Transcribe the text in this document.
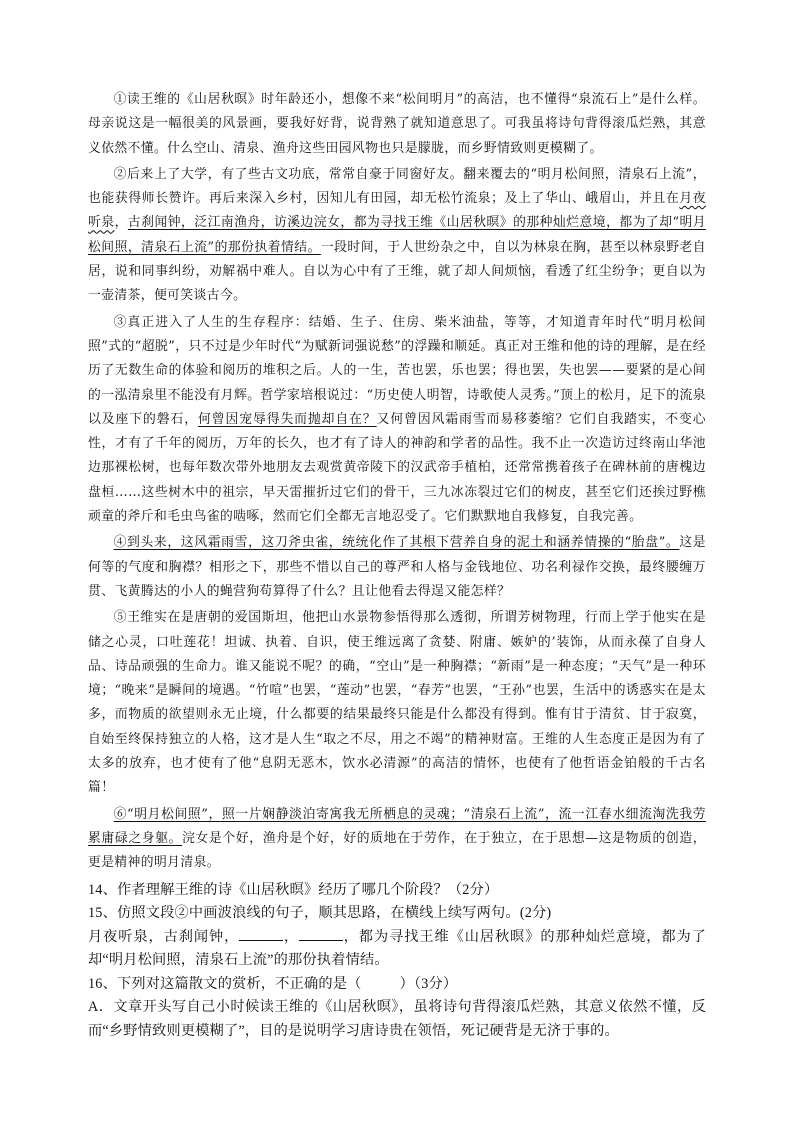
①读王维的《山居秋暝》时年龄还小，想像不来“松间明月”的高洁，也不懂得“泉流石上”是什么样。母亲说这是一幅很美的风景画，要我好好背，说背熟了就知道意思了。可我虽将诗句背得滚瓜烂熟，其意义依然不懂。什么空山、清泉、渔舟这些田园风物也只是朦胧，而乡野情致则更模糊了。

②后来上了大学，有了些古文功底，常常自豪于同窗好友。翻来覆去的“明月松间照，清泉石上流”，也能获得师长赞许。再后来深入乡村，因知儿有田园，却无松竹流泉；及上了华山、峨眉山，并且在月夜听泉，古刹闻钟，泛江南渔舟，访溪边浣女，都为寻找王维《山居秋暝》的那种灿烂意境，都为了却“明月松间照，清泉石上流”的那份执着情结。一段时间，于人世纷杂之中，自以为林泉在胸，甚至以林泉野老自居，说和同事纠纷，劝解祸中难人。自以为心中有了王维，就了却人间烦恼，看透了红尘纷争；更自以为一壶清茶，便可笑谈古今。

③真正进入了人生的生存程序：结婚、生子、住房、柴米油盐，等等，才知道青年时代“明月松间照”式的“超脱”，只不过是少年时代“为赋新词强说愁”的浮躁和顺延。真正对王维和他的诗的理解，是在经历了无数生命的体验和阅历的堆积之后。人的一生，苦也罢，乐也罢；得也罢，失也罢——要紧的是心间的一泓清泉里不能没有月辉。哲学家培根说过：“历史使人明智，诗歌使人灵秀。”顶上的松月，足下的流泉以及座下的磐石，何曾因宠辱得失而抛却自在？又何曾因风霜雨雪而易移萎缩？它们自我踏实，不变心性，才有了千年的阅历，万年的长久，也才有了诗人的神韵和学者的品性。我不止一次造访过终南山华池边那裸松树，也每年数次带外地朋友去观赏黄帝陵下的汉武帝手植柏，还常常携着孩子在碑林前的唐槐边盘桓……这些树木中的祖宗，早天雷摧折过它们的骨干，三九冰冻裂过它们的树皮，甚至它们还挨过野樵顽童的斧斤和毛虫鸟雀的啮啄，然而它们全都无言地忍受了。它们默默地自我修复，自我完善。

④到头来，这风霜雨雪，这刀斧虫雀，统统化作了其根下营养自身的泥土和涵养情操的“胎盘”。这是何等的气度和胸襟？相形之下，那些不惜以自己的尊严和人格与金钱地位、功名利禄作交换，最终腰缠万贯、飞黄腾达的小人的蝇营狗苟算得了什么？且让他看去得逞又能怎样？

⑤王维实在是唐朝的爱国斯坦，他把山水景物参悟得那么透彻，所谓芳树物理，行而上学于他实在是储之心灵，口吐莲花！坦诚、执着、自识，使王维远离了贪婪、附庸、嫉妒的’装饰，从而永葆了自身人品、诗品顽强的生命力。谁又能说不呢？的确，“空山”是一种胸襟；“新雨”是一种态度；“天气”是一种环境；“晚来”是瞬间的境遇。“竹喧”也罢，“莲动”也罢，“春芳”也罢，“王孙”也罢，生活中的诱惑实在是太多，而物质的欲望则永无止境，什么都要的结果最终只能是什么都没有得到。惟有甘于清贫、甘于寂寞，自始至终保持独立的人格，这才是人生“取之不尽，用之不竭”的精神财富。王维的人生态度正是因为有了太多的放弃，也才使有了他“息阴无恶木，饮水必清源”的高洁的情怀，也使有了他哲语金铂般的千古名篇！

⑥“明月松间照”，照一片娴静淡泊寄寓我无所栖息的灵魂；“清泉石上流”，流一江春水细流淘洗我劳累庸碌之身躯。浣女是个好，渔舟是个好，好的质地在于劳作，在于独立，在于思想—这是物质的创造，更是精神的明月清泉。

14、作者理解王维的诗《山居秋暝》经历了哪几个阶段？（2分）

15、仿照文段②中画波浪线的句子，顺其思路，在横线上续写两句。(2分)

月夜听泉，古刹闻钟，	，	，都为寻找王维《山居秋暝》的那种灿烂意境，都为了却“明月松间照，清泉石上流”的那份执着情结。

16、下列对这篇散文的赏析，不正确的是（	）（3分）

A．文章开头写自己小时候读王维的《山居秋暝》，虽将诗句背得滚瓜烂熟，其意义依然不懂，反而“乡野情致则更模糊了”，目的是说明学习唐诗贵在领悟，死记硬背是无济于事的。
